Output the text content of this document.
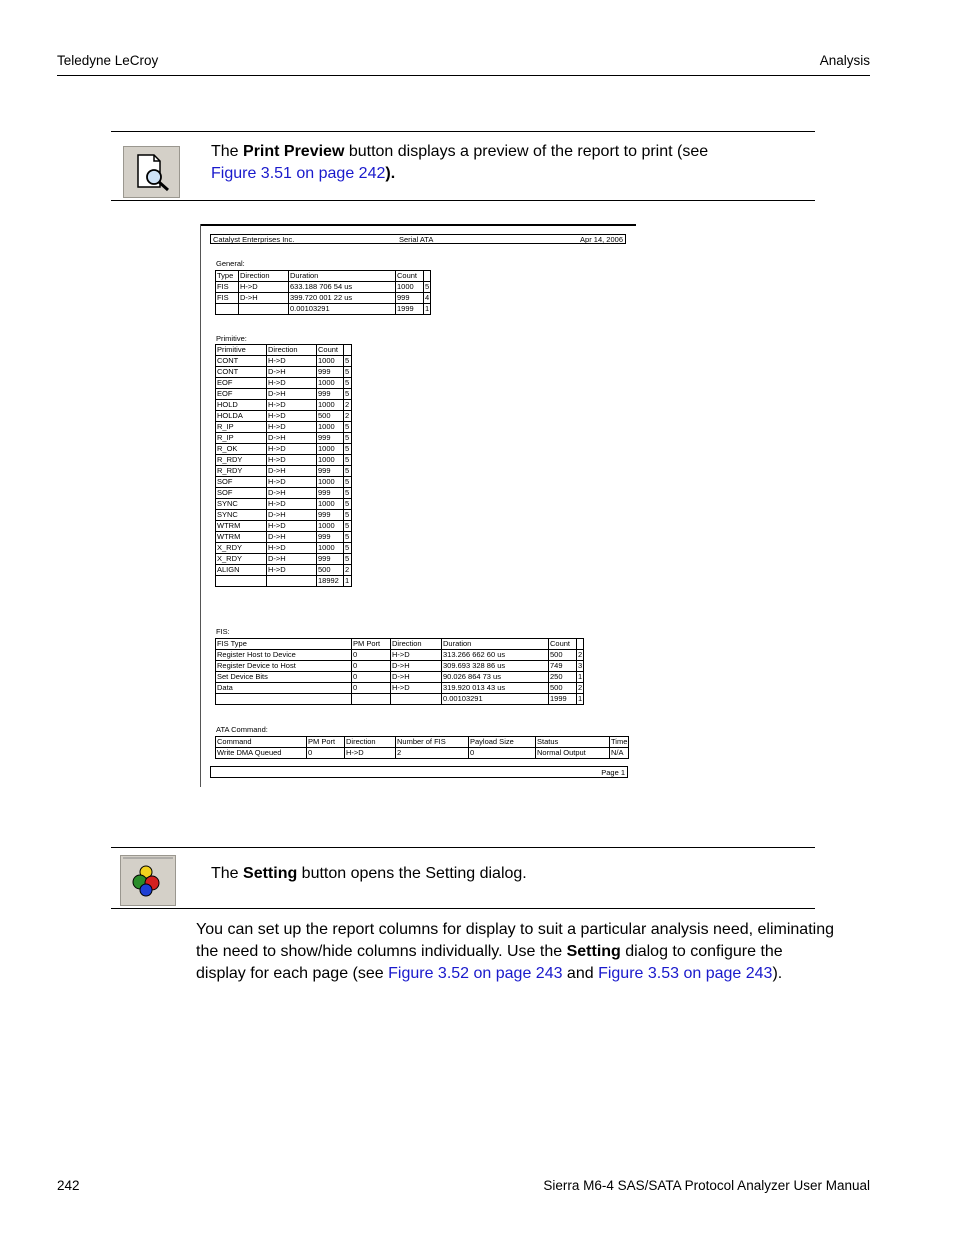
Teledyne LeCroy	Analysis
The Print Preview button displays a preview of the report to print (see
Figure 3.51 on page 242).
Catalyst Enterprises Inc.	Serial ATA	Apr 14, 2006
General:
Type	Direction	Duration	Count	
FIS	H->D	633.188 706 54 us	1000	5
FIS	D->H	399.720 001 22 us	999	4
		0.00103291	1999	1
Primitive:
Primitive	Direction	Count	
CONT	H->D	1000	5
CONT	D->H	999	5
EOF	H->D	1000	5
EOF	D->H	999	5
HOLD	H->D	1000	2
HOLDA	H->D	500	2
R_IP	H->D	1000	5
R_IP	D->H	999	5
R_OK	H->D	1000	5
R_RDY	H->D	1000	5
R_RDY	D->H	999	5
SOF	H->D	1000	5
SOF	D->H	999	5
SYNC	H->D	1000	5
SYNC	D->H	999	5
WTRM	H->D	1000	5
WTRM	D->H	999	5
X_RDY	H->D	1000	5
X_RDY	D->H	999	5
ALIGN	H->D	500	2
		18992	1
FIS:
FIS Type	PM Port	Direction	Duration	Count	
Register Host to Device	0	H->D	313.266 662 60 us	500	2
Register Device to Host	0	D->H	309.693 328 86 us	749	3
Set Device Bits	0	D->H	90.026 864 73 us	250	1
Data	0	H->D	319.920 013 43 us	500	2
			0.00103291	1999	1
ATA Command:
Command	PM Port	Direction	Number of FIS	Payload Size	Status	Time
Write DMA Queued	0	H->D	2	0	Normal Output	N/A
Page 1
The Setting button opens the Setting dialog.
You can set up the report columns for display to suit a particular analysis need, eliminating the need to show/hide columns individually. Use the Setting dialog to configure the display for each page (see Figure 3.52 on page 243 and Figure 3.53 on page 243).
242	Sierra M6-4 SAS/SATA Protocol Analyzer User Manual
